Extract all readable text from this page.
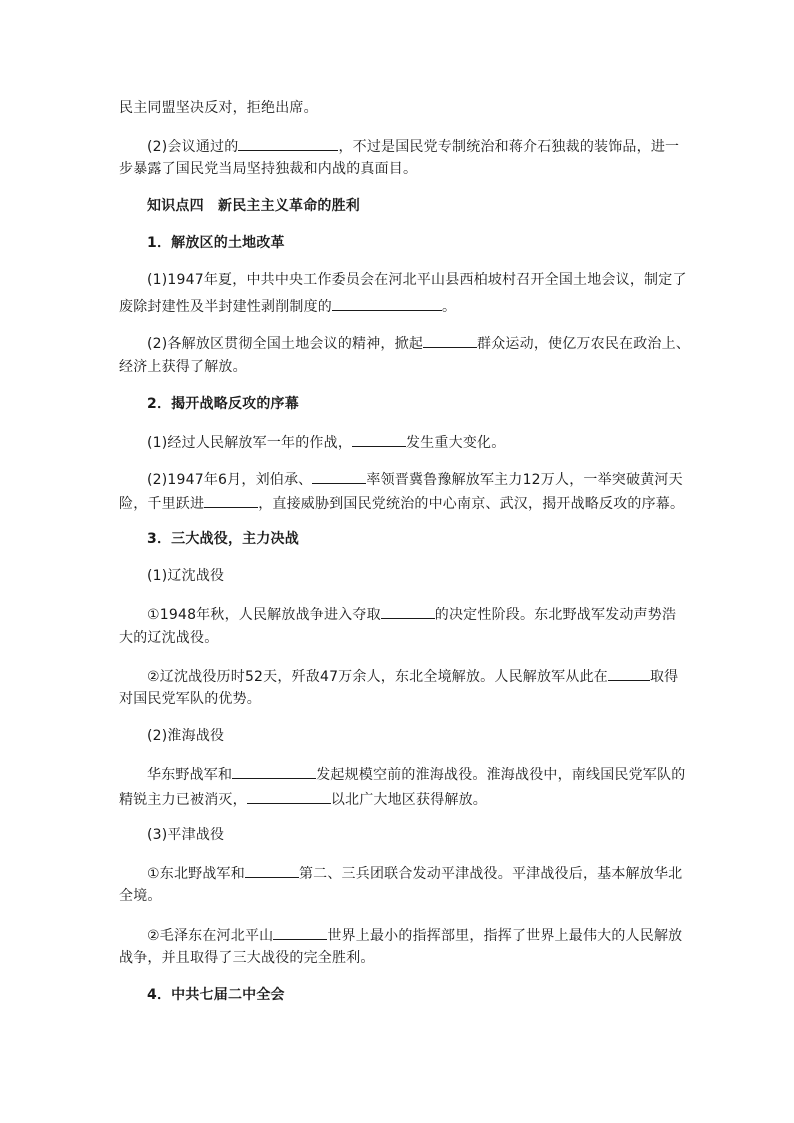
民主同盟坚决反对，拒绝出席。
(2)会议通过的	，不过是国民党专制统治和蒋介石独裁的装饰品，进一
步暴露了国民党当局坚持独裁和内战的真面目。
知识点四　新民主主义革命的胜利
1．解放区的土地改革
(1)1947年夏，中共中央工作委员会在河北平山县西柏坡村召开全国土地会议，制定了
废除封建性及半封建性剥削制度的	。
(2)各解放区贯彻全国土地会议的精神，掀起	群众运动，使亿万农民在政治上、
经济上获得了解放。
2．揭开战略反攻的序幕
(1)经过人民解放军一年的作战，	发生重大变化。
(2)1947年6月，刘伯承、	率领晋冀鲁豫解放军主力12万人，一举突破黄河天
险，千里跃进	，直接威胁到国民党统治的中心南京、武汉，揭开战略反攻的序幕。
3．三大战役，主力决战
(1)辽沈战役
①1948年秋，人民解放战争进入夺取	的决定性阶段。东北野战军发动声势浩
大的辽沈战役。
②辽沈战役历时52天，歼敌47万余人，东北全境解放。人民解放军从此在	取得
对国民党军队的优势。
(2)淮海战役
华东野战军和	发起规模空前的淮海战役。淮海战役中，南线国民党军队的
精锐主力已被消灭，	以北广大地区获得解放。
(3)平津战役
①东北野战军和	第二、三兵团联合发动平津战役。平津战役后，基本解放华北
全境。
②毛泽东在河北平山	世界上最小的指挥部里，指挥了世界上最伟大的人民解放
战争，并且取得了三大战役的完全胜利。
4．中共七届二中全会
